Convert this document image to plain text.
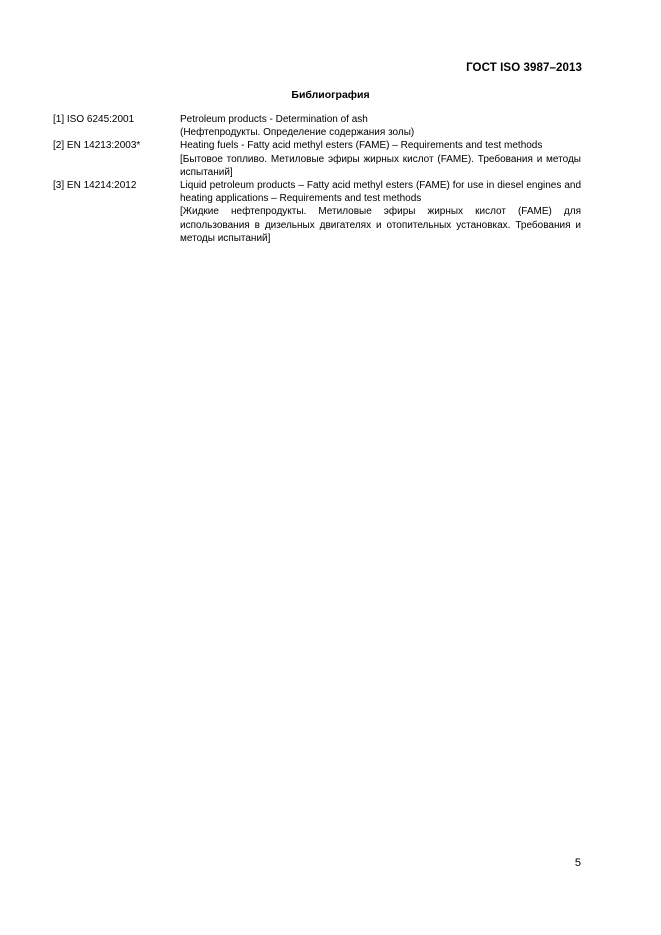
ГОСТ ISO 3987–2013
Библиография
[1] ISO 6245:2001	Petroleum products - Determination of ash
(Нефтепродукты. Определение содержания золы)
[2] EN 14213:2003*	Heating fuels - Fatty acid methyl esters (FAME) – Requirements and test methods
[Бытовое топливо. Метиловые эфиры жирных кислот (FAME). Требования и методы испытаний]
[3] EN 14214:2012	Liquid petroleum products – Fatty acid methyl esters (FAME) for use in diesel engines and heating applications – Requirements and test methods
[Жидкие нефтепродукты. Метиловые эфиры жирных кислот (FAME) для использования в дизельных двигателях и отопительных установках. Требования и методы испытаний]
5
